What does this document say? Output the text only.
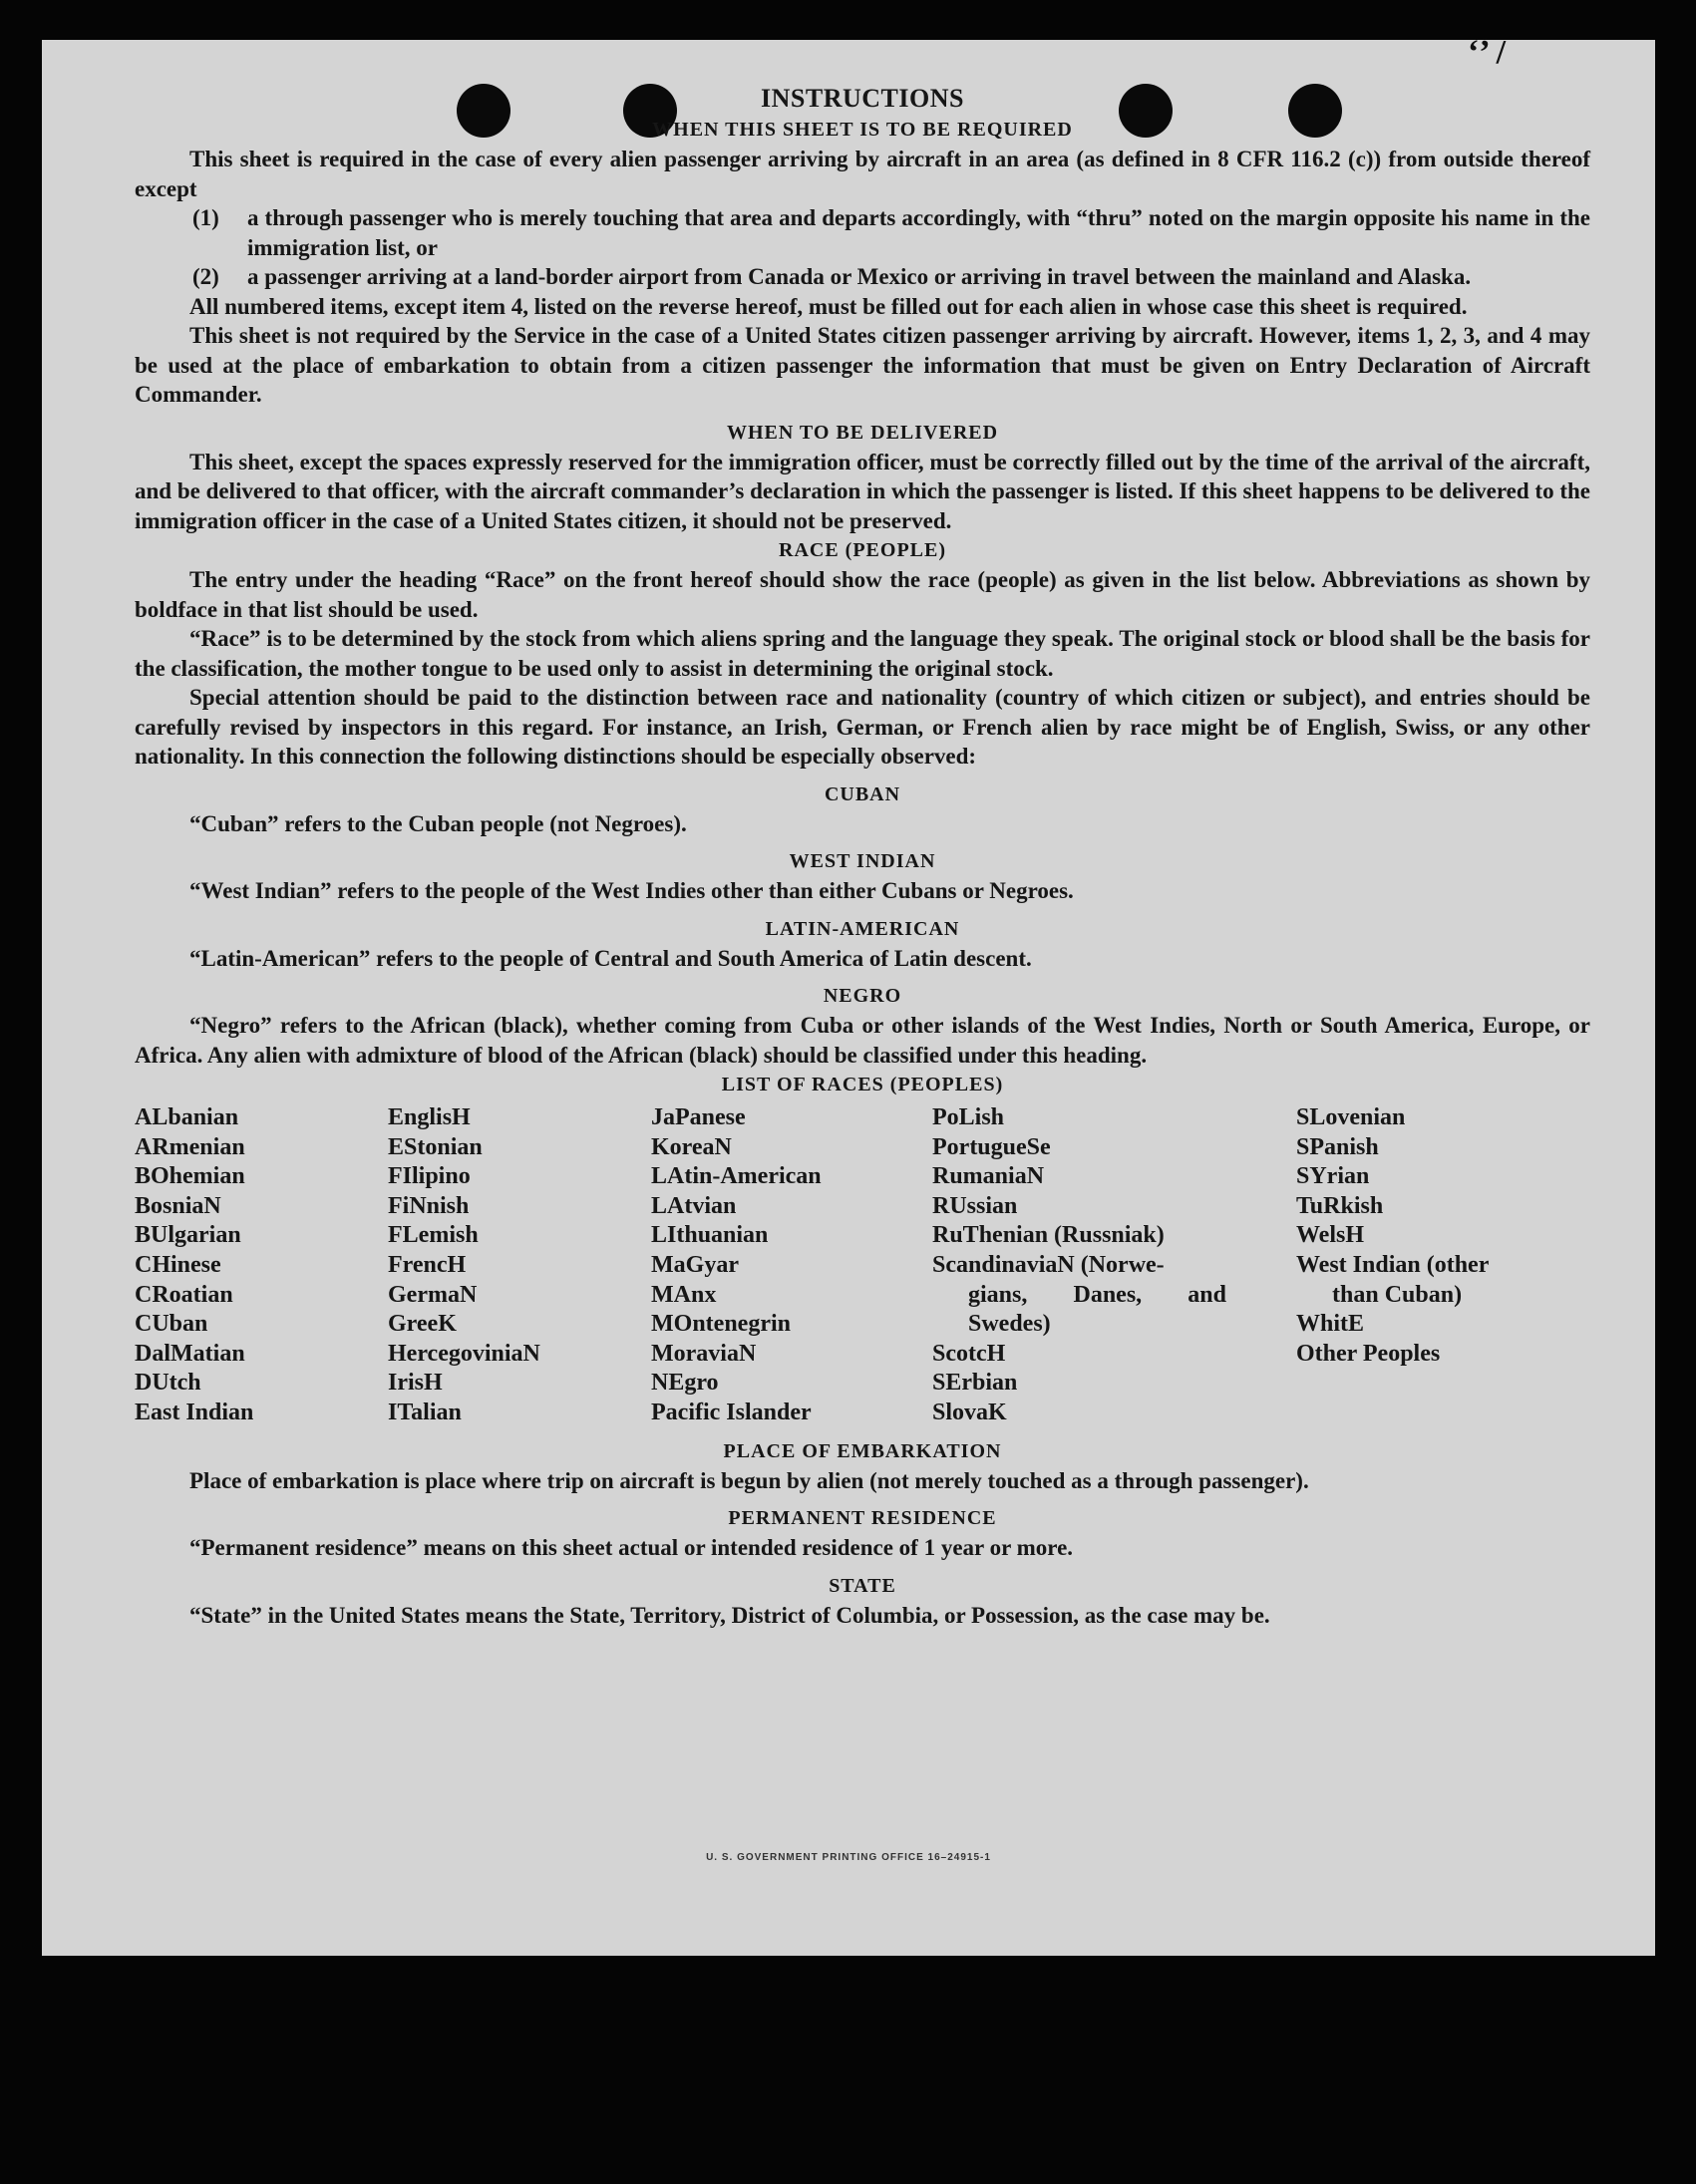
‘’ /
INSTRUCTIONS
WHEN THIS SHEET IS TO BE REQUIRED

This sheet is required in the case of every alien passenger arriving by aircraft in an area (as defined in 8 CFR 116.2 (c)) from outside thereof except

(1)	a through passenger who is merely touching that area and departs accordingly, with “thru” noted on the margin opposite his name in the immigration list, or
(2)	a passenger arriving at a land-border airport from Canada or Mexico or arriving in travel between the mainland and Alaska.

All numbered items, except item 4, listed on the reverse hereof, must be filled out for each alien in whose case this sheet is required.

This sheet is not required by the Service in the case of a United States citizen passenger arriving by aircraft. However, items 1, 2, 3, and 4 may be used at the place of embarkation to obtain from a citizen passenger the information that must be given on Entry Declaration of Aircraft Commander.

WHEN TO BE DELIVERED

This sheet, except the spaces expressly reserved for the immigration officer, must be correctly filled out by the time of the arrival of the aircraft, and be delivered to that officer, with the aircraft commander’s declaration in which the passenger is listed. If this sheet happens to be delivered to the immigration officer in the case of a United States citizen, it should not be preserved.

RACE (PEOPLE)

The entry under the heading “Race” on the front hereof should show the race (people) as given in the list below. Abbreviations as shown by boldface in that list should be used.

“Race” is to be determined by the stock from which aliens spring and the language they speak. The original stock or blood shall be the basis for the classification, the mother tongue to be used only to assist in determining the original stock.

Special attention should be paid to the distinction between race and nationality (country of which citizen or subject), and entries should be carefully revised by inspectors in this regard. For instance, an Irish, German, or French alien by race might be of English, Swiss, or any other nationality. In this connection the following distinctions should be especially observed:

CUBAN

“Cuban” refers to the Cuban people (not Negroes).

WEST INDIAN

“West Indian” refers to the people of the West Indies other than either Cubans or Negroes.

LATIN-AMERICAN

“Latin-American” refers to the people of Central and South America of Latin descent.

NEGRO

“Negro” refers to the African (black), whether coming from Cuba or other islands of the West Indies, North or South America, Europe, or Africa. Any alien with admixture of blood of the African (black) should be classified under this heading.

LIST OF RACES (PEOPLES)
ALbanian
ARmenian
BOhemian
BosniaN
BUlgarian
CHinese
CRoatian
CUban
DalMatian
DUtch
East Indian
EnglisH
EStonian
FIlipino
FiNnish
FLemish
FrencH
GermaN
GreeK
HercegoviniaN
IrisH
ITalian
JaPanese
KoreaN
LAtin-American
LAtvian
LIthuanian
MaGyar
MAnx
MOntenegrin
MoraviaN
NEgro
Pacific Islander
PoLish
PortugueSe
RumaniaN
RUssian
RuThenian (Russniak)
ScandinaviaN (Norwe-
gians, Danes, and Swedes)
ScotcH
SErbian
SlovaK
SLovenian
SPanish
SYrian
TuRkish
WelsH
West Indian (other
than Cuban)
WhitE
Other Peoples
PLACE OF EMBARKATION

Place of embarkation is place where trip on aircraft is begun by alien (not merely touched as a through passenger).

PERMANENT RESIDENCE

“Permanent residence” means on this sheet actual or intended residence of 1 year or more.

STATE

“State” in the United States means the State, Territory, District of Columbia, or Possession, as the case may be.

U. S. GOVERNMENT PRINTING OFFICE 16–24915-1
